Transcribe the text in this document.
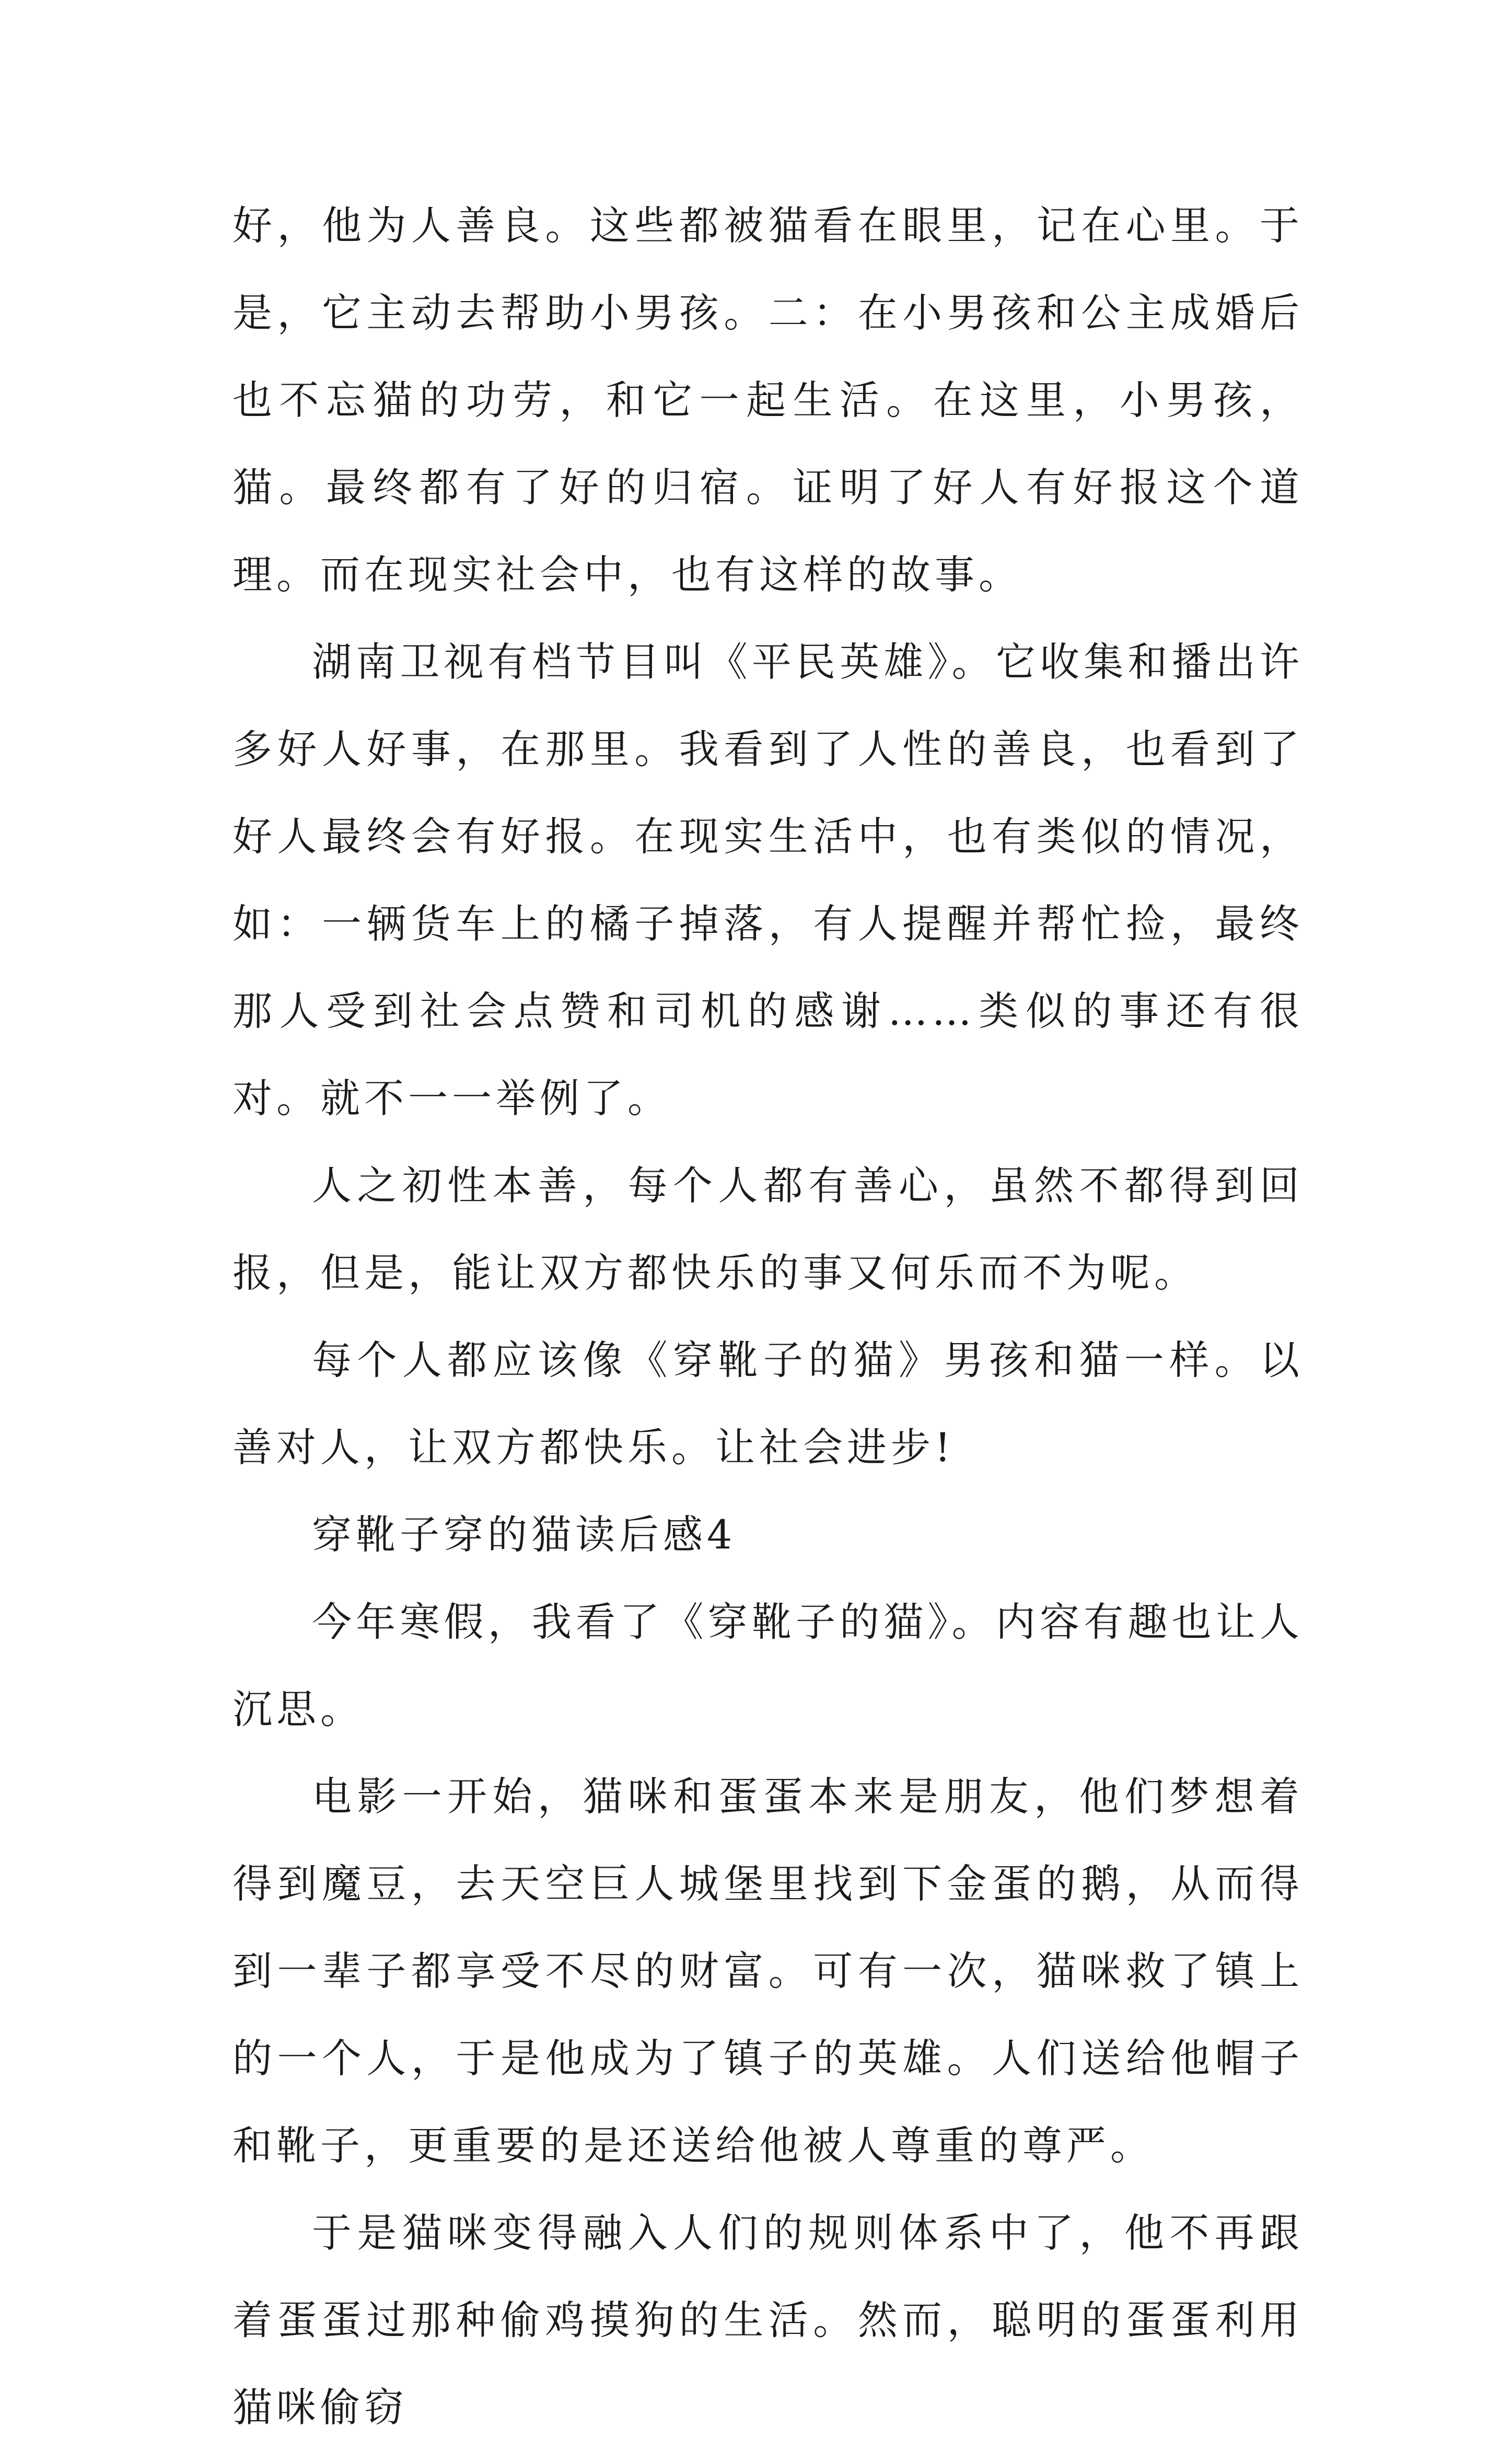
好，他为人善良。这些都被猫看在眼里，记在心里。于是，它主动去帮助小男孩。二：在小男孩和公主成婚后也不忘猫的功劳，和它一起生活。在这里，小男孩，猫。最终都有了好的归宿。证明了好人有好报这个道理。而在现实社会中，也有这样的故事。

湖南卫视有档节目叫《平民英雄》。它收集和播出许多好人好事，在那里。我看到了人性的善良，也看到了好人最终会有好报。在现实生活中，也有类似的情况，如：一辆货车上的橘子掉落，有人提醒并帮忙捡，最终那人受到社会点赞和司机的感谢……类似的事还有很对。就不一一举例了。

人之初性本善，每个人都有善心，虽然不都得到回报，但是，能让双方都快乐的事又何乐而不为呢。

每个人都应该像《穿靴子的猫》男孩和猫一样。以善对人，让双方都快乐。让社会进步!

穿靴子穿的猫读后感4

今年寒假，我看了《穿靴子的猫》。内容有趣也让人沉思。

电影一开始，猫咪和蛋蛋本来是朋友，他们梦想着得到魔豆，去天空巨人城堡里找到下金蛋的鹅，从而得到一辈子都享受不尽的财富。可有一次，猫咪救了镇上的一个人，于是他成为了镇子的英雄。人们送给他帽子和靴子，更重要的是还送给他被人尊重的尊严。

于是猫咪变得融入人们的规则体系中了，他不再跟着蛋蛋过那种偷鸡摸狗的生活。然而，聪明的蛋蛋利用猫咪偷窃
